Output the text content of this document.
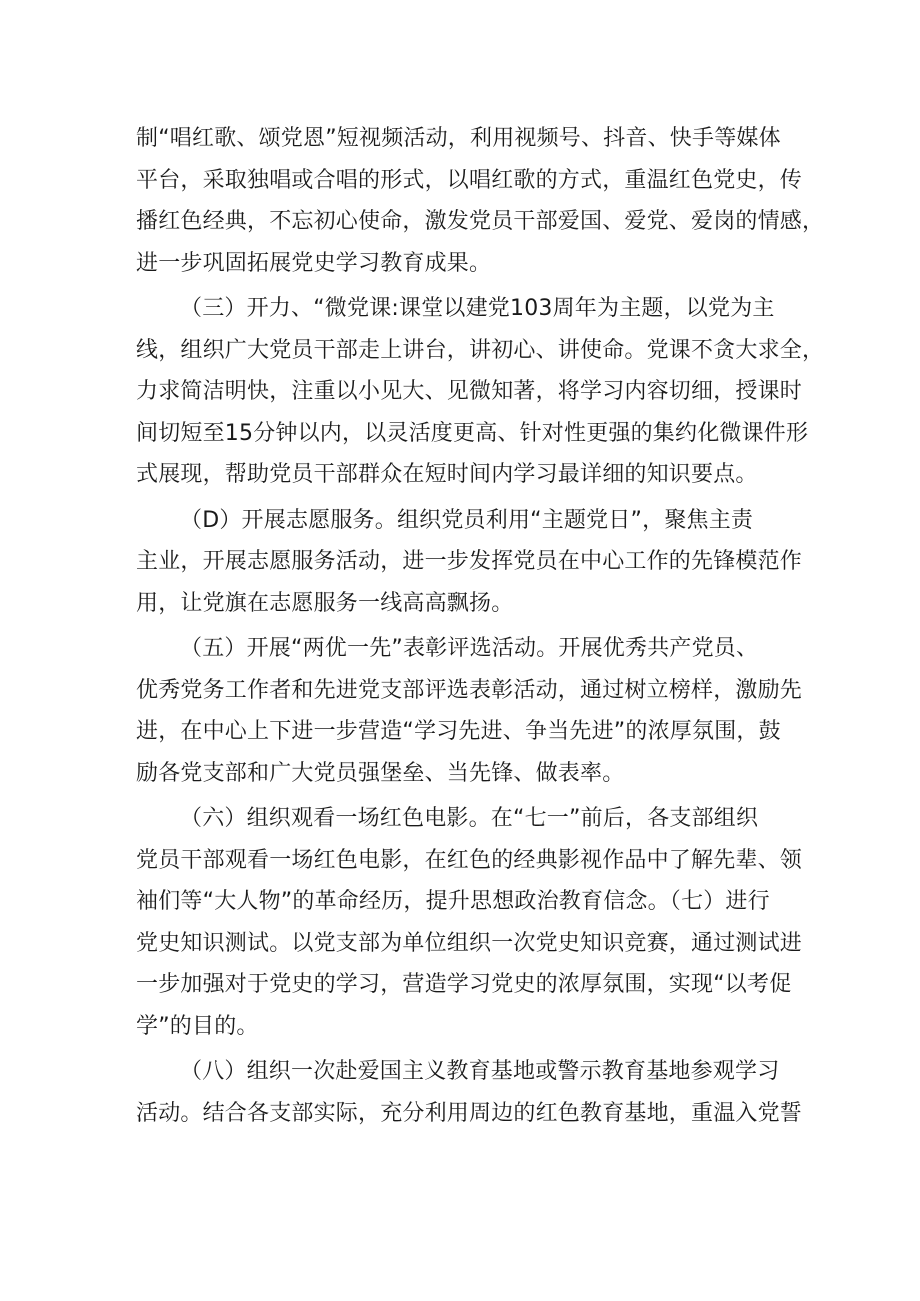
制“唱红歌、颂党恩”短视频活动，利用视频号、抖音、快手等媒体
平台，采取独唱或合唱的形式，以唱红歌的方式，重温红色党史，传
播红色经典，不忘初心使命，激发党员干部爱国、爱党、爱岗的情感，
进一步巩固拓展党史学习教育成果。
（三）开力、“微党课:课堂以建党103周年为主题，以党为主
线，组织广大党员干部走上讲台，讲初心、讲使命。党课不贪大求全，
力求简洁明快，注重以小见大、见微知著，将学习内容切细，授课时
间切短至15分钟以内，以灵活度更高、针对性更强的集约化微课件形
式展现，帮助党员干部群众在短时间内学习最详细的知识要点。
（D）开展志愿服务。组织党员利用“主题党日”，聚焦主责
主业，开展志愿服务活动，进一步发挥党员在中心工作的先锋模范作
用，让党旗在志愿服务一线高高飘扬。
（五）开展“两优一先”表彰评选活动。开展优秀共产党员、
优秀党务工作者和先进党支部评选表彰活动，通过树立榜样，激励先
进，在中心上下进一步营造“学习先进、争当先进”的浓厚氛围，鼓
励各党支部和广大党员强堡垒、当先锋、做表率。
（六）组织观看一场红色电影。在“七一”前后，各支部组织
党员干部观看一场红色电影，在红色的经典影视作品中了解先辈、领
袖们等“大人物”的革命经历，提升思想政治教育信念。（七）进行
党史知识测试。以党支部为单位组织一次党史知识竞赛，通过测试进
一步加强对于党史的学习，营造学习党史的浓厚氛围，实现“以考促
学”的目的。
（八）组织一次赴爱国主义教育基地或警示教育基地参观学习
活动。结合各支部实际，充分利用周边的红色教育基地，重温入党誓
